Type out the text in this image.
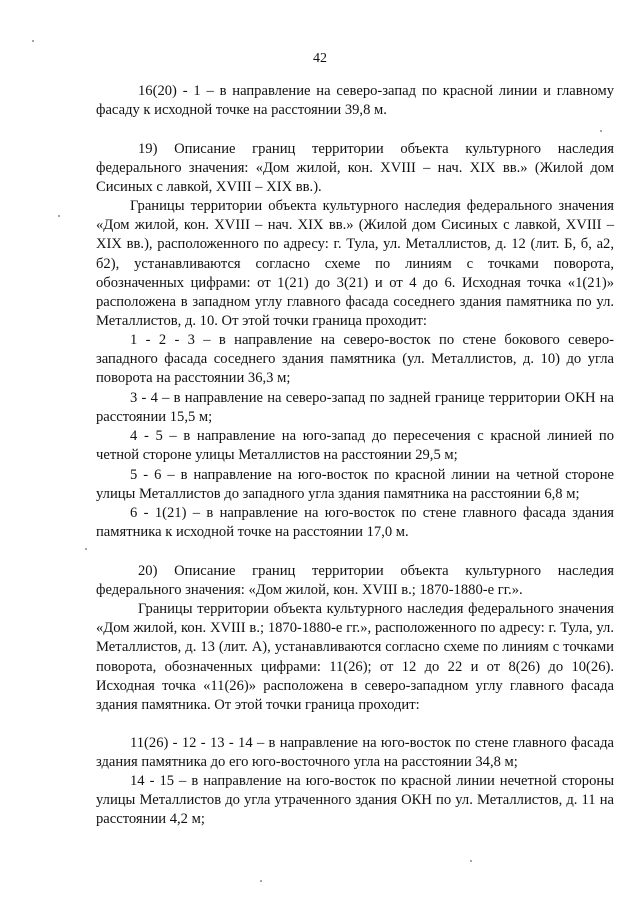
42

16(20) - 1 – в направление на северо-запад по красной линии и главному фасаду к исходной точке на расстоянии 39,8 м.

19) Описание границ территории объекта культурного наследия федерального значения: «Дом жилой, кон. XVIII – нач. XIX вв.» (Жилой дом Сисиных с лавкой, XVIII – XIX вв.).

Границы территории объекта культурного наследия федерального значения «Дом жилой, кон. XVIII – нач. XIX вв.» (Жилой дом Сисиных с лавкой, XVIII – XIX вв.), расположенного по адресу: г. Тула, ул. Металлистов, д. 12 (лит. Б, б, а2, б2), устанавливаются согласно схеме по линиям с точками поворота, обозначенных цифрами: от 1(21) до 3(21) и от 4 до 6. Исходная точка «1(21)» расположена в западном углу главного фасада соседнего здания памятника по ул. Металлистов, д. 10. От этой точки граница проходит:

1 - 2 - 3 – в направление на северо-восток по стене бокового северо-западного фасада соседнего здания памятника (ул. Металлистов, д. 10) до угла поворота на расстоянии 36,3 м;

3 - 4 – в направление на северо-запад по задней границе территории ОКН на расстоянии 15,5 м;

4 - 5 – в направление на юго-запад до пересечения с красной линией по четной стороне улицы Металлистов на расстоянии 29,5 м;

5 - 6 – в направление на юго-восток по красной линии на четной стороне улицы Металлистов до западного угла здания памятника на расстоянии 6,8 м;

6 - 1(21) – в направление на юго-восток по стене главного фасада здания памятника к исходной точке на расстоянии 17,0 м.

20) Описание границ территории объекта культурного наследия федерального значения: «Дом жилой, кон. XVIII в.; 1870-1880-е гг.».

Границы территории объекта культурного наследия федерального значения «Дом жилой, кон. XVIII в.; 1870-1880-е гг.», расположенного по адресу: г. Тула, ул. Металлистов, д. 13 (лит. А), устанавливаются согласно схеме по линиям с точками поворота, обозначенных цифрами: 11(26); от 12 до 22 и от 8(26) до 10(26). Исходная точка «11(26)» расположена в северо-западном углу главного фасада здания памятника. От этой точки граница проходит:

11(26) - 12 - 13 - 14 – в направление на юго-восток по стене главного фасада здания памятника до его юго-восточного угла на расстоянии 34,8 м;

14 - 15 – в направление на юго-восток по красной линии нечетной стороны улицы Металлистов до угла утраченного здания ОКН по ул. Металлистов, д. 11 на расстоянии 4,2 м;
